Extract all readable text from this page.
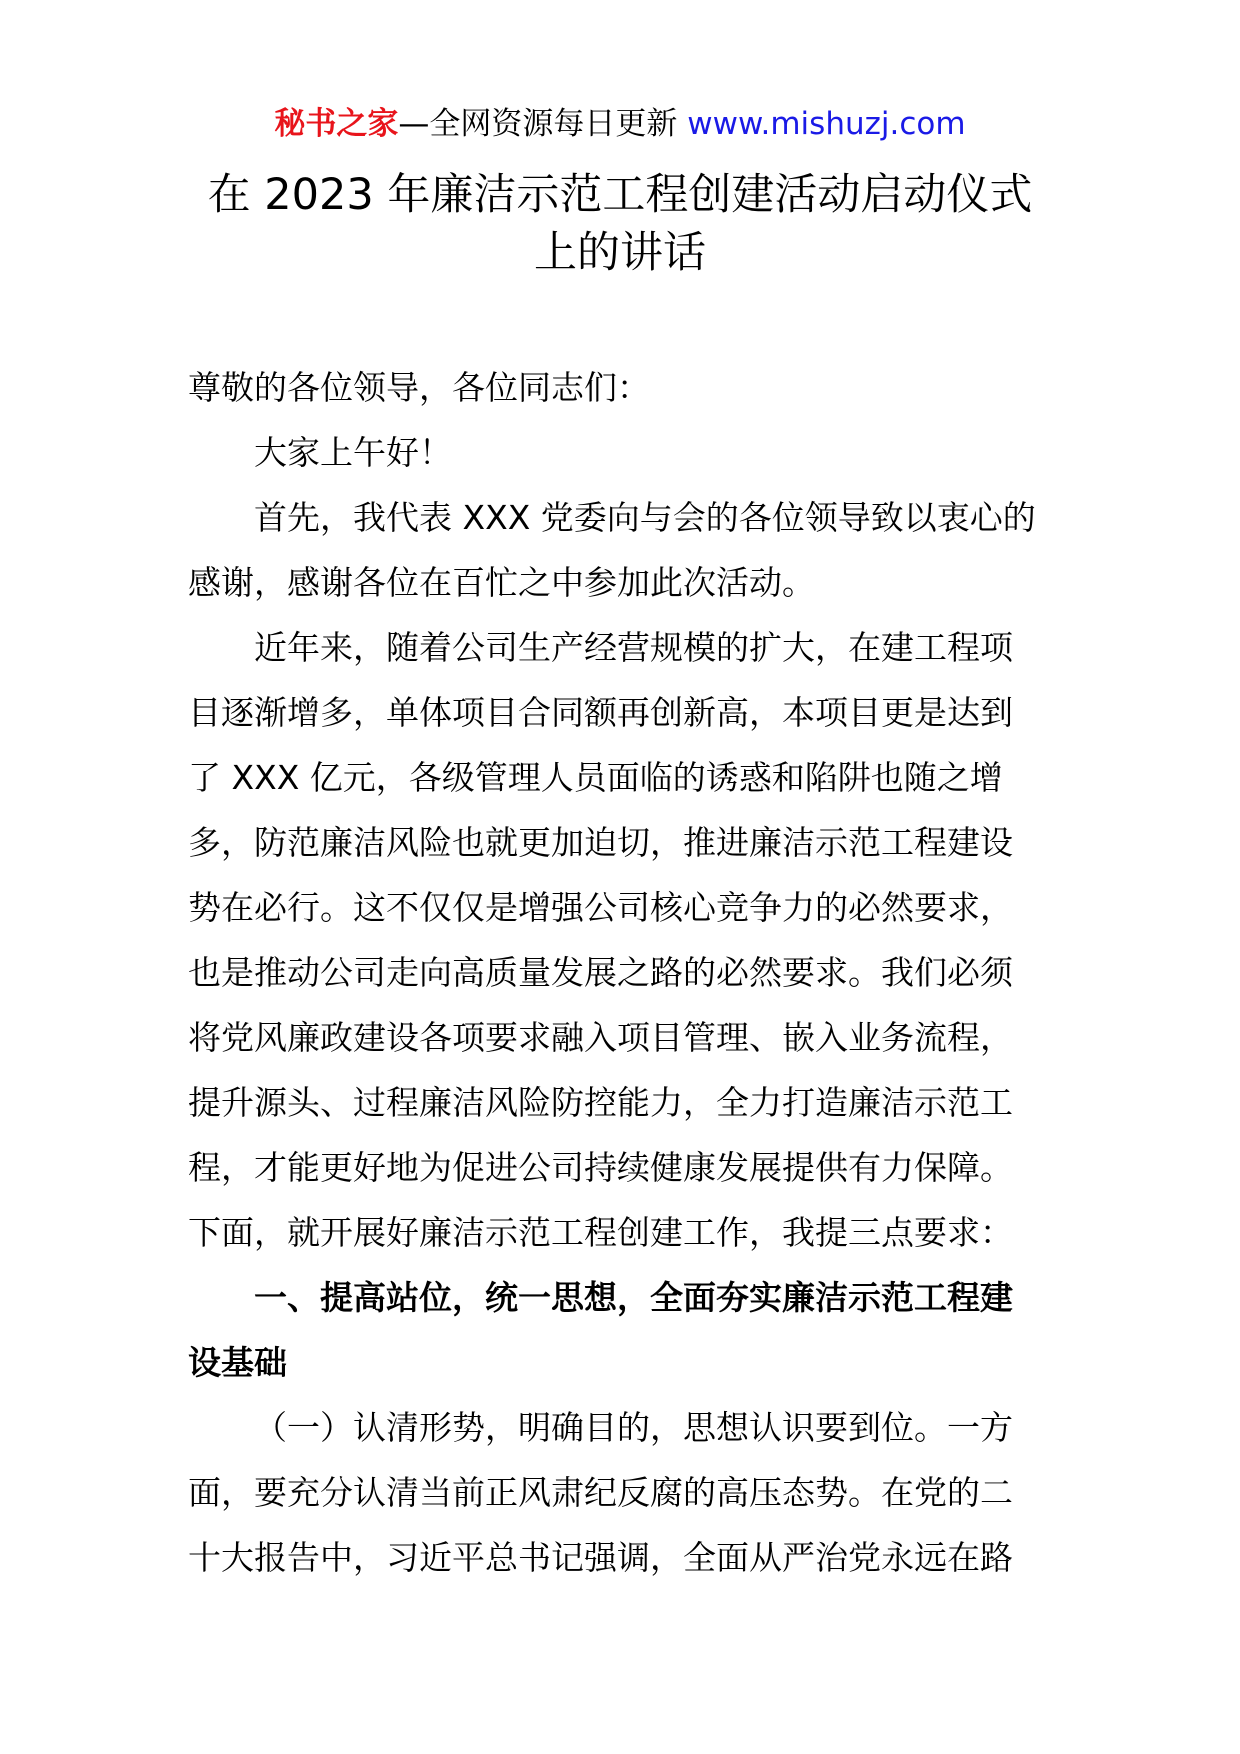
秘书之家—全网资源每日更新 www.mishuzj.com
在 2023 年廉洁示范工程创建活动启动仪式
上的讲话
尊敬的各位领导，各位同志们：
大家上午好！
首先，我代表 XXX 党委向与会的各位领导致以衷心的
感谢，感谢各位在百忙之中参加此次活动。
近年来，随着公司生产经营规模的扩大，在建工程项
目逐渐增多，单体项目合同额再创新高，本项目更是达到
了 XXX 亿元，各级管理人员面临的诱惑和陷阱也随之增
多，防范廉洁风险也就更加迫切，推进廉洁示范工程建设
势在必行。这不仅仅是增强公司核心竞争力的必然要求，
也是推动公司走向高质量发展之路的必然要求。我们必须
将党风廉政建设各项要求融入项目管理、嵌入业务流程，
提升源头、过程廉洁风险防控能力，全力打造廉洁示范工
程，才能更好地为促进公司持续健康发展提供有力保障。
下面，就开展好廉洁示范工程创建工作，我提三点要求：
一、提高站位，统一思想，全面夯实廉洁示范工程建
设基础
（一）认清形势，明确目的，思想认识要到位。一方
面，要充分认清当前正风肃纪反腐的高压态势。在党的二
十大报告中，习近平总书记强调，全面从严治党永远在路
